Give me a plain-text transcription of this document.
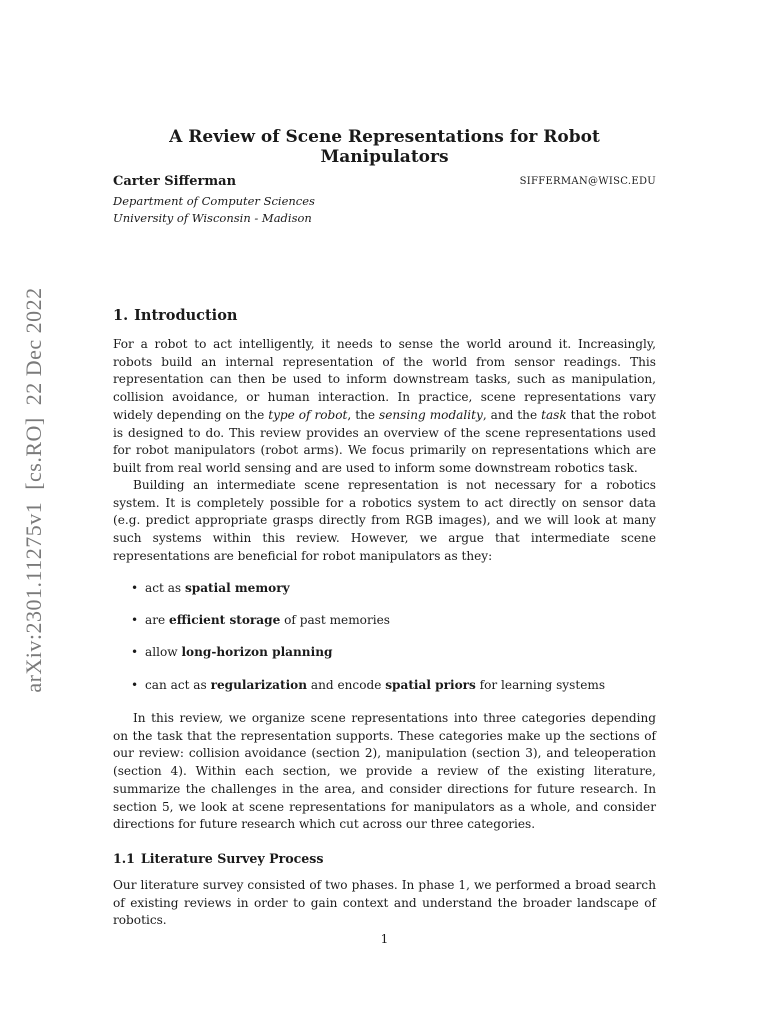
arXiv:2301.11275v1[cs.RO]22 Dec 2022
A Review of Scene Representations for Robot Manipulators
Carter Sifferman	SIFFERMAN@WISC.EDU
Department of Computer Sciences
University of Wisconsin - Madison
1. Introduction

For a robot to act intelligently, it needs to sense the world around it. Increasingly, robots build an internal representation of the world from sensor readings. This representation can then be used to inform downstream tasks, such as manipulation, collision avoidance, or human interaction. In practice, scene representations vary widely depending on the type of robot, the sensing modality, and the task that the robot is designed to do. This review provides an overview of the scene representations used for robot manipulators (robot arms). We focus primarily on representations which are built from real world sensing and are used to inform some downstream robotics task.

Building an intermediate scene representation is not necessary for a robotics system. It is completely possible for a robotics system to act directly on sensor data (e.g. predict appropriate grasps directly from RGB images), and we will look at many such systems within this review. However, we argue that intermediate scene representations are beneficial for robot manipulators as they:

• act as spatial memory
• are efficient storage of past memories
• allow long-horizon planning
• can act as regularization and encode spatial priors for learning systems

In this review, we organize scene representations into three categories depending on the task that the representation supports. These categories make up the sections of our review: collision avoidance (section 2), manipulation (section 3), and teleoperation (section 4). Within each section, we provide a review of the existing literature, summarize the challenges in the area, and consider directions for future research. In section 5, we look at scene representations for manipulators as a whole, and consider directions for future research which cut across our three categories.

1.1 Literature Survey Process

Our literature survey consisted of two phases. In phase 1, we performed a broad search of existing reviews in order to gain context and understand the broader landscape of robotics.

1
